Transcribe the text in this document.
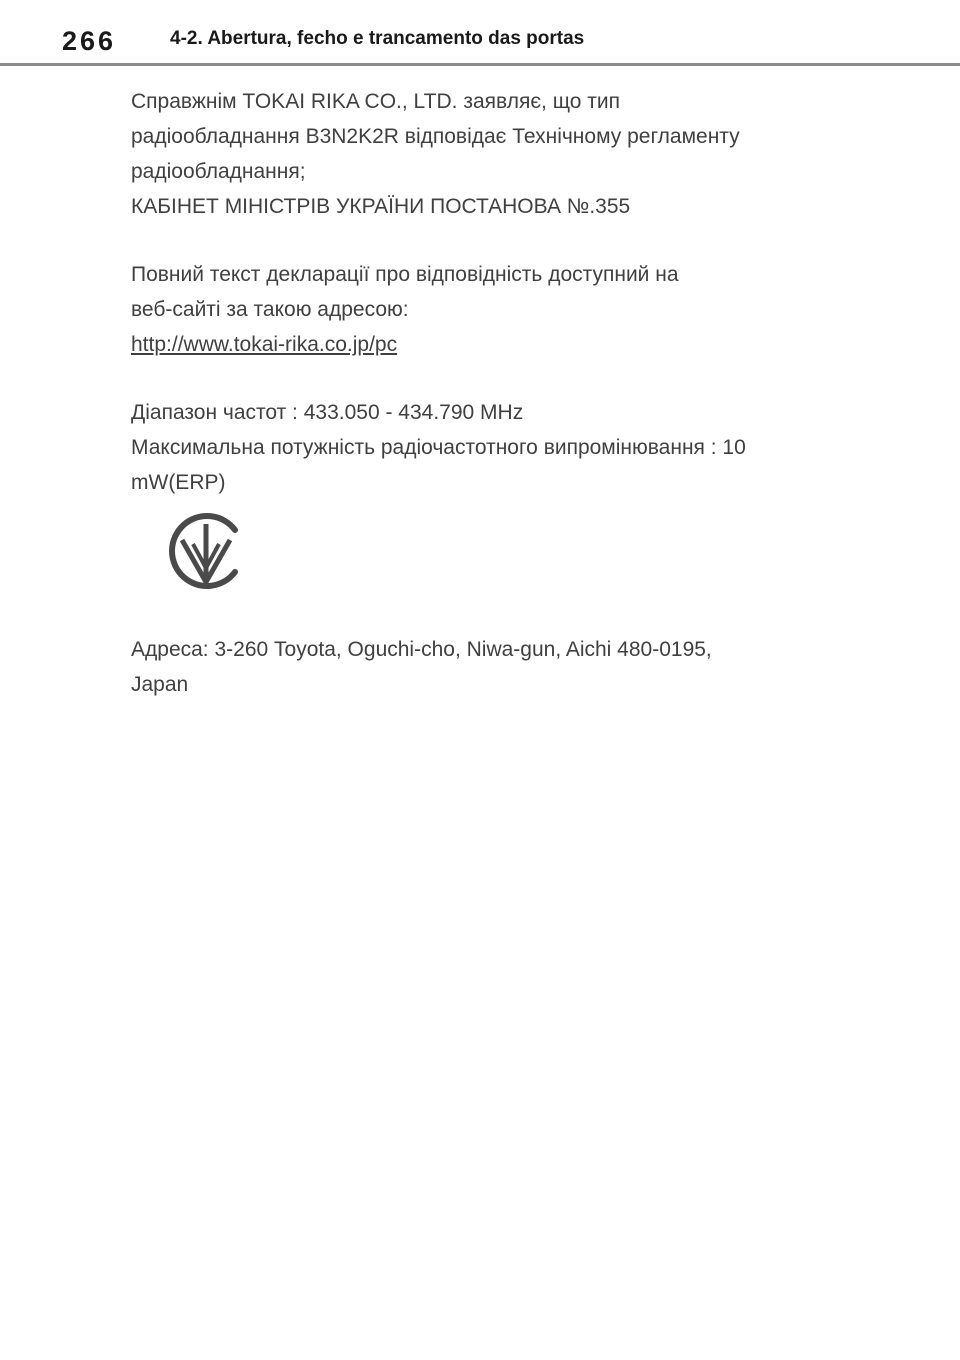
266	4-2. Abertura, fecho e trancamento das portas

Справжнім TOKAI RIKA CO., LTD. заявляє, що тип

радіообладнання B3N2K2R відповідає Технічному регламенту

радіообладнання;

КАБІНЕТ МІНІСТРІВ УКРАЇНИ ПОСТАНОВА №.355

Повний текст декларації про відповідність доступний на

веб-сайті за такою адресою:

http://www.tokai-rika.co.jp/pc

Діапазон частот : 433.050 - 434.790 MHz

Максимальна потужність радіочастотного випромінювання : 10

mW(ERP)

Адреса: 3-260 Toyota, Oguchi-cho, Niwa-gun, Aichi 480-0195,

Japan
